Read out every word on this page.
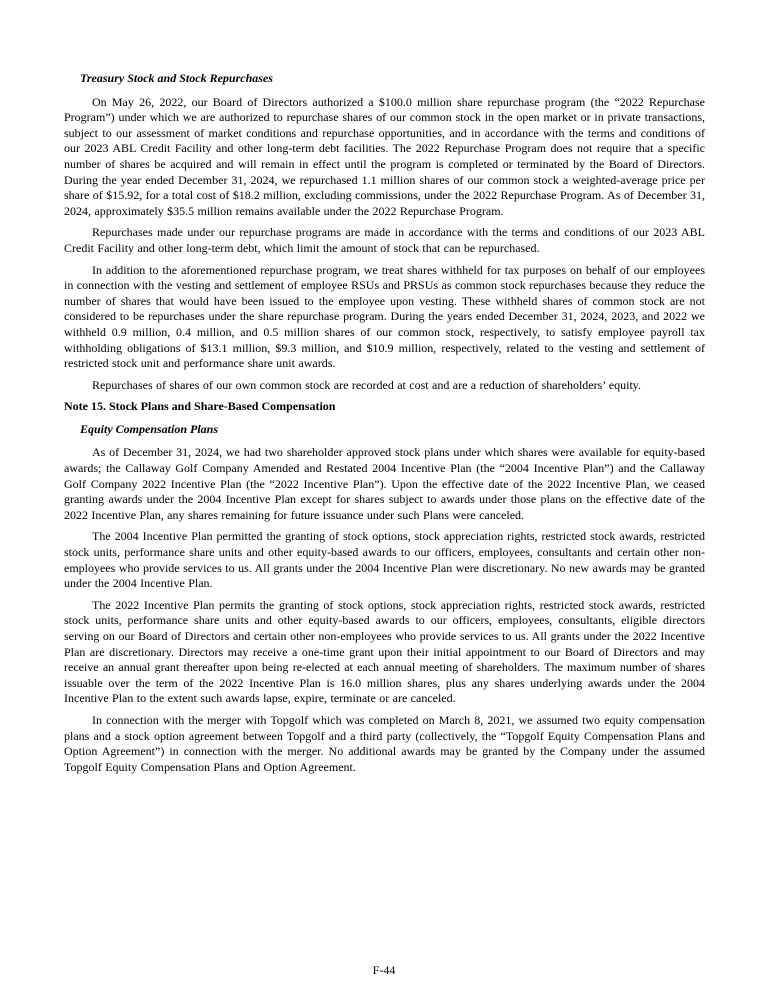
Treasury Stock and Stock Repurchases

On May 26, 2022, our Board of Directors authorized a $100.0 million share repurchase program (the “2022 Repurchase Program”) under which we are authorized to repurchase shares of our common stock in the open market or in private transactions, subject to our assessment of market conditions and repurchase opportunities, and in accordance with the terms and conditions of our 2023 ABL Credit Facility and other long-term debt facilities. The 2022 Repurchase Program does not require that a specific number of shares be acquired and will remain in effect until the program is completed or terminated by the Board of Directors. During the year ended December 31, 2024, we repurchased 1.1 million shares of our common stock a weighted-average price per share of $15.92, for a total cost of $18.2 million, excluding commissions, under the 2022 Repurchase Program. As of December 31, 2024, approximately $35.5 million remains available under the 2022 Repurchase Program.

Repurchases made under our repurchase programs are made in accordance with the terms and conditions of our 2023 ABL Credit Facility and other long-term debt, which limit the amount of stock that can be repurchased.

In addition to the aforementioned repurchase program, we treat shares withheld for tax purposes on behalf of our employees in connection with the vesting and settlement of employee RSUs and PRSUs as common stock repurchases because they reduce the number of shares that would have been issued to the employee upon vesting. These withheld shares of common stock are not considered to be repurchases under the share repurchase program. During the years ended December 31, 2024, 2023, and 2022 we withheld 0.9 million, 0.4 million, and 0.5 million shares of our common stock, respectively, to satisfy employee payroll tax withholding obligations of $13.1 million, $9.3 million, and $10.9 million, respectively, related to the vesting and settlement of restricted stock unit and performance share unit awards.

Repurchases of shares of our own common stock are recorded at cost and are a reduction of shareholders’ equity.

Note 15. Stock Plans and Share-Based Compensation

Equity Compensation Plans

As of December 31, 2024, we had two shareholder approved stock plans under which shares were available for equity-based awards; the Callaway Golf Company Amended and Restated 2004 Incentive Plan (the “2004 Incentive Plan”) and the Callaway Golf Company 2022 Incentive Plan (the “2022 Incentive Plan”). Upon the effective date of the 2022 Incentive Plan, we ceased granting awards under the 2004 Incentive Plan except for shares subject to awards under those plans on the effective date of the 2022 Incentive Plan, any shares remaining for future issuance under such Plans were canceled.

The 2004 Incentive Plan permitted the granting of stock options, stock appreciation rights, restricted stock awards, restricted stock units, performance share units and other equity-based awards to our officers, employees, consultants and certain other non-employees who provide services to us. All grants under the 2004 Incentive Plan were discretionary. No new awards may be granted under the 2004 Incentive Plan.

The 2022 Incentive Plan permits the granting of stock options, stock appreciation rights, restricted stock awards, restricted stock units, performance share units and other equity-based awards to our officers, employees, consultants, eligible directors serving on our Board of Directors and certain other non-employees who provide services to us. All grants under the 2022 Incentive Plan are discretionary. Directors may receive a one-time grant upon their initial appointment to our Board of Directors and may receive an annual grant thereafter upon being re-elected at each annual meeting of shareholders. The maximum number of shares issuable over the term of the 2022 Incentive Plan is 16.0 million shares, plus any shares underlying awards under the 2004 Incentive Plan to the extent such awards lapse, expire, terminate or are canceled.

In connection with the merger with Topgolf which was completed on March 8, 2021, we assumed two equity compensation plans and a stock option agreement between Topgolf and a third party (collectively, the “Topgolf Equity Compensation Plans and Option Agreement”) in connection with the merger. No additional awards may be granted by the Company under the assumed Topgolf Equity Compensation Plans and Option Agreement.

F-44
